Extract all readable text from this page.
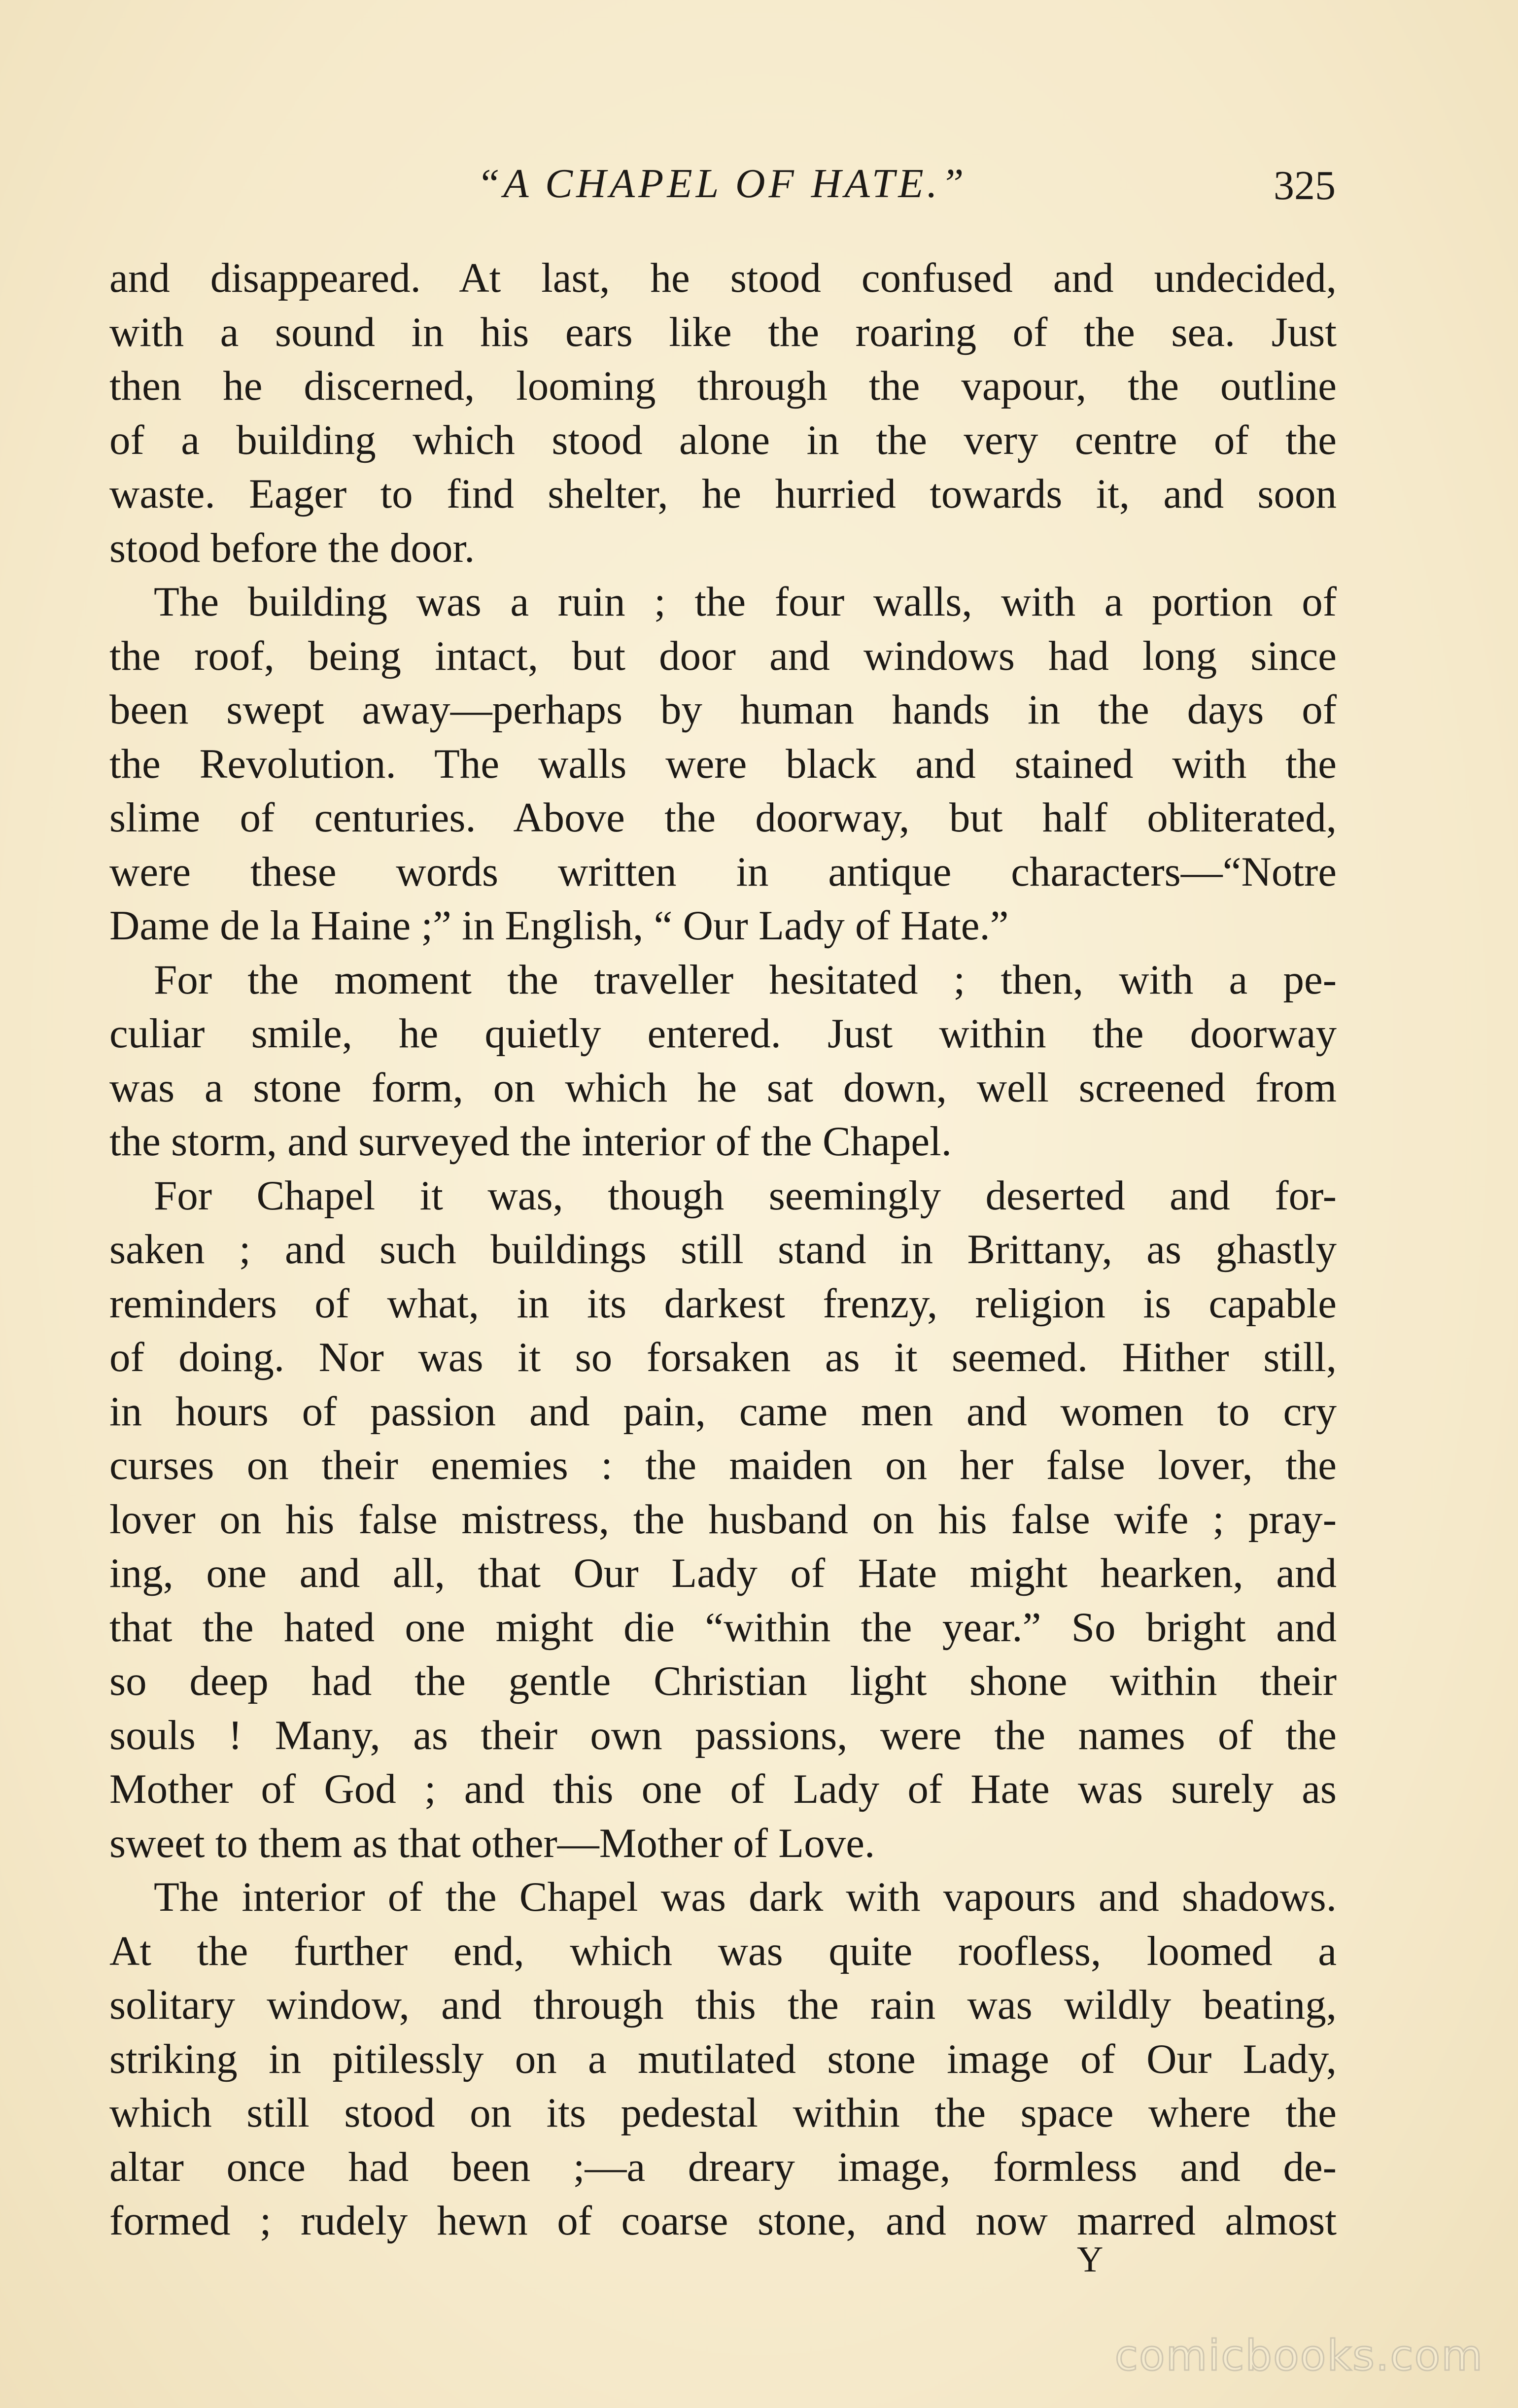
“A CHAPEL OF HATE.”	325
and disappeared. At last, he stood confused and undecided,
with a sound in his ears like the roaring of the sea. Just
then he discerned, looming through the vapour, the outline
of a building which stood alone in the very centre of the
waste. Eager to find shelter, he hurried towards it, and soon
stood before the door.
The building was a ruin ; the four walls, with a portion of
the roof, being intact, but door and windows had long since
been swept away—perhaps by human hands in the days of
the Revolution. The walls were black and stained with the
slime of centuries. Above the doorway, but half obliterated,
were these words written in antique characters—“Notre
Dame de la Haine ;” in English, “ Our Lady of Hate.”
For the moment the traveller hesitated ; then, with a pe-
culiar smile, he quietly entered. Just within the doorway
was a stone form, on which he sat down, well screened from
the storm, and surveyed the interior of the Chapel.
For Chapel it was, though seemingly deserted and for-
saken ; and such buildings still stand in Brittany, as ghastly
reminders of what, in its darkest frenzy, religion is capable
of doing. Nor was it so forsaken as it seemed. Hither still,
in hours of passion and pain, came men and women to cry
curses on their enemies : the maiden on her false lover, the
lover on his false mistress, the husband on his false wife ; pray-
ing, one and all, that Our Lady of Hate might hearken, and
that the hated one might die “within the year.” So bright and
so deep had the gentle Christian light shone within their
souls ! Many, as their own passions, were the names of the
Mother of God ; and this one of Lady of Hate was surely as
sweet to them as that other—Mother of Love.
The interior of the Chapel was dark with vapours and shadows.
At the further end, which was quite roofless, loomed a
solitary window, and through this the rain was wildly beating,
striking in pitilessly on a mutilated stone image of Our Lady,
which still stood on its pedestal within the space where the
altar once had been ;—a dreary image, formless and de-
formed ; rudely hewn of coarse stone, and now marred almost
Y
comicbooks.com
